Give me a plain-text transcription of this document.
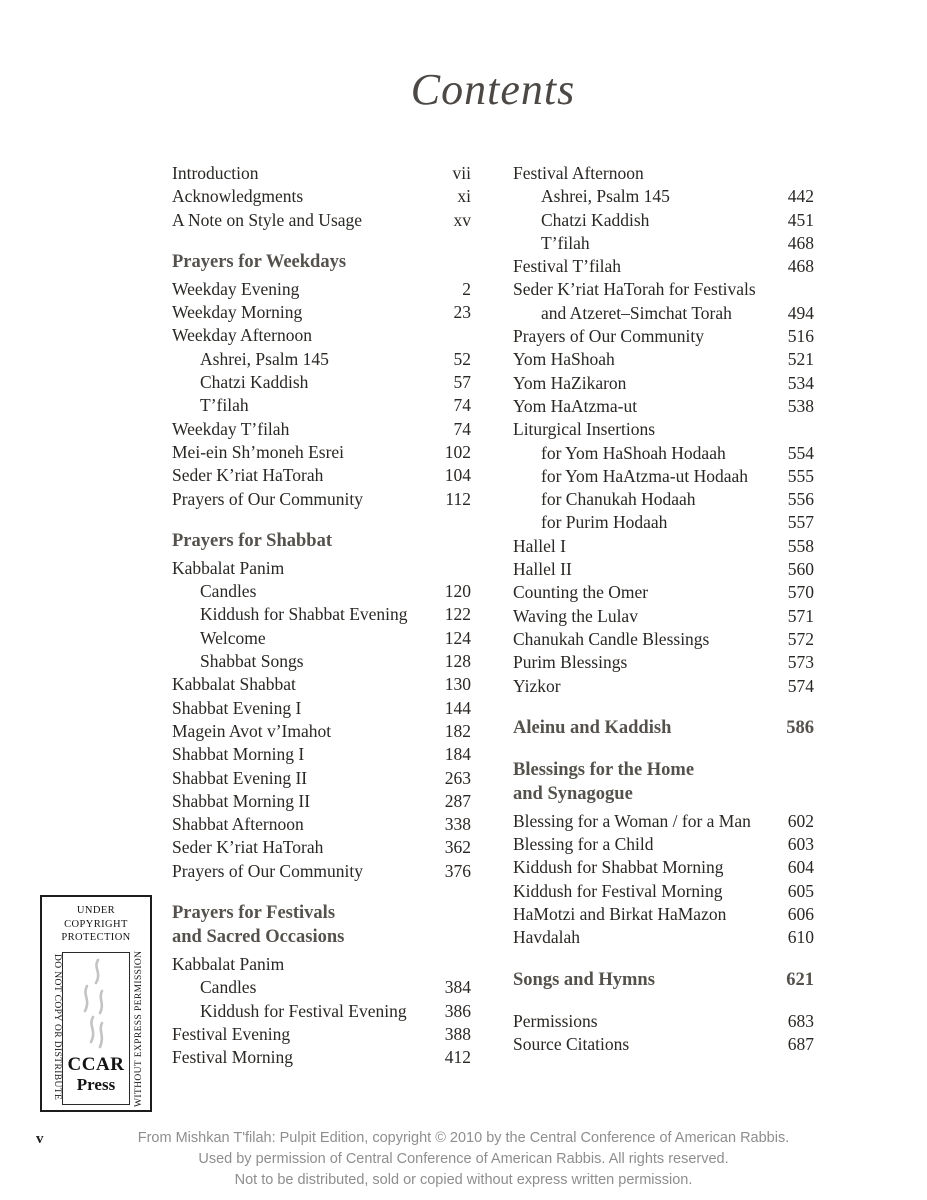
Contents
Introduction	vii
Acknowledgments	xi
A Note on Style and Usage	xv
Prayers for Weekdays
Weekday Evening	2
Weekday Morning	23
Weekday Afternoon
Ashrei, Psalm 145	52
Chatzi Kaddish	57
T’filah	74
Weekday T’filah	74
Mei-ein Sh’moneh Esrei	102
Seder K’riat HaTorah	104
Prayers of Our Community	112
Prayers for Shabbat
Kabbalat Panim
Candles	120
Kiddush for Shabbat Evening	122
Welcome	124
Shabbat Songs	128
Kabbalat Shabbat	130
Shabbat Evening I	144
Magein Avot v’Imahot	182
Shabbat Morning I	184
Shabbat Evening II	263
Shabbat Morning II	287
Shabbat Afternoon	338
Seder K’riat HaTorah	362
Prayers of Our Community	376
Prayers for Festivals
and Sacred Occasions
Kabbalat Panim
Candles	384
Kiddush for Festival Evening	386
Festival Evening	388
Festival Morning	412
Festival Afternoon
Ashrei, Psalm 145	442
Chatzi Kaddish	451
T’filah	468
Festival T’filah	468
Seder K’riat HaTorah for Festivals
and Atzeret–Simchat Torah	494
Prayers of Our Community	516
Yom HaShoah	521
Yom HaZikaron	534
Yom HaAtzma-ut	538
Liturgical Insertions
for Yom HaShoah Hodaah	554
for Yom HaAtzma-ut Hodaah	555
for Chanukah Hodaah	556
for Purim Hodaah	557
Hallel I	558
Hallel II	560
Counting the Omer	570
Waving the Lulav	571
Chanukah Candle Blessings	572
Purim Blessings	573
Yizkor	574
Aleinu and Kaddish	586
Blessings for the Home
and Synagogue
Blessing for a Woman / for a Man	602
Blessing for a Child	603
Kiddush for Shabbat Morning	604
Kiddush for Festival Morning	605
HaMotzi and Birkat HaMazon	606
Havdalah	610
Songs and Hymns	621
Permissions	683
Source Citations	687
UNDER
COPYRIGHT
PROTECTION
DO NOT COPY OR DISTRIBUTE	WITHOUT EXPRESS PERMISSION
CCAR
Press
v	From Mishkan T'filah: Pulpit Edition, copyright © 2010 by the Central Conference of American Rabbis.
Used by permission of Central Conference of American Rabbis. All rights reserved.
Not to be distributed, sold or copied without express written permission.
